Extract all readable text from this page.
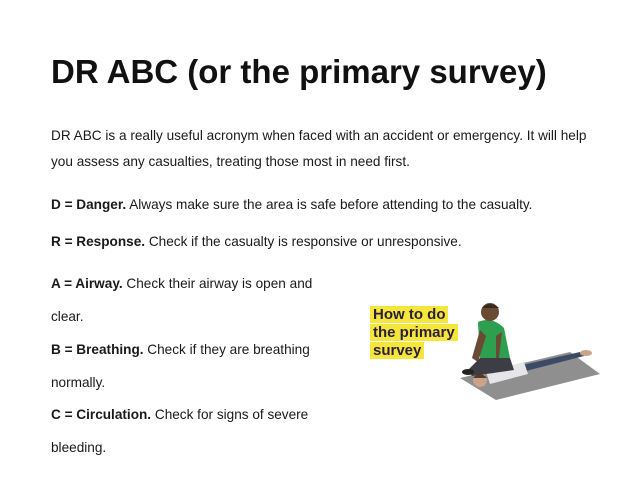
DR ABC (or the primary survey)

DR ABC is a really useful acronym when faced with an accident or emergency. It will help you assess any casualties, treating those most in need first.

D = Danger. Always make sure the area is safe before attending to the casualty.

R = Response. Check if the casualty is responsive or unresponsive.

A = Airway. Check their airway is open and clear.

B = Breathing. Check if they are breathing normally.

C = Circulation. Check for signs of severe bleeding.

How to do
the primary
survey
